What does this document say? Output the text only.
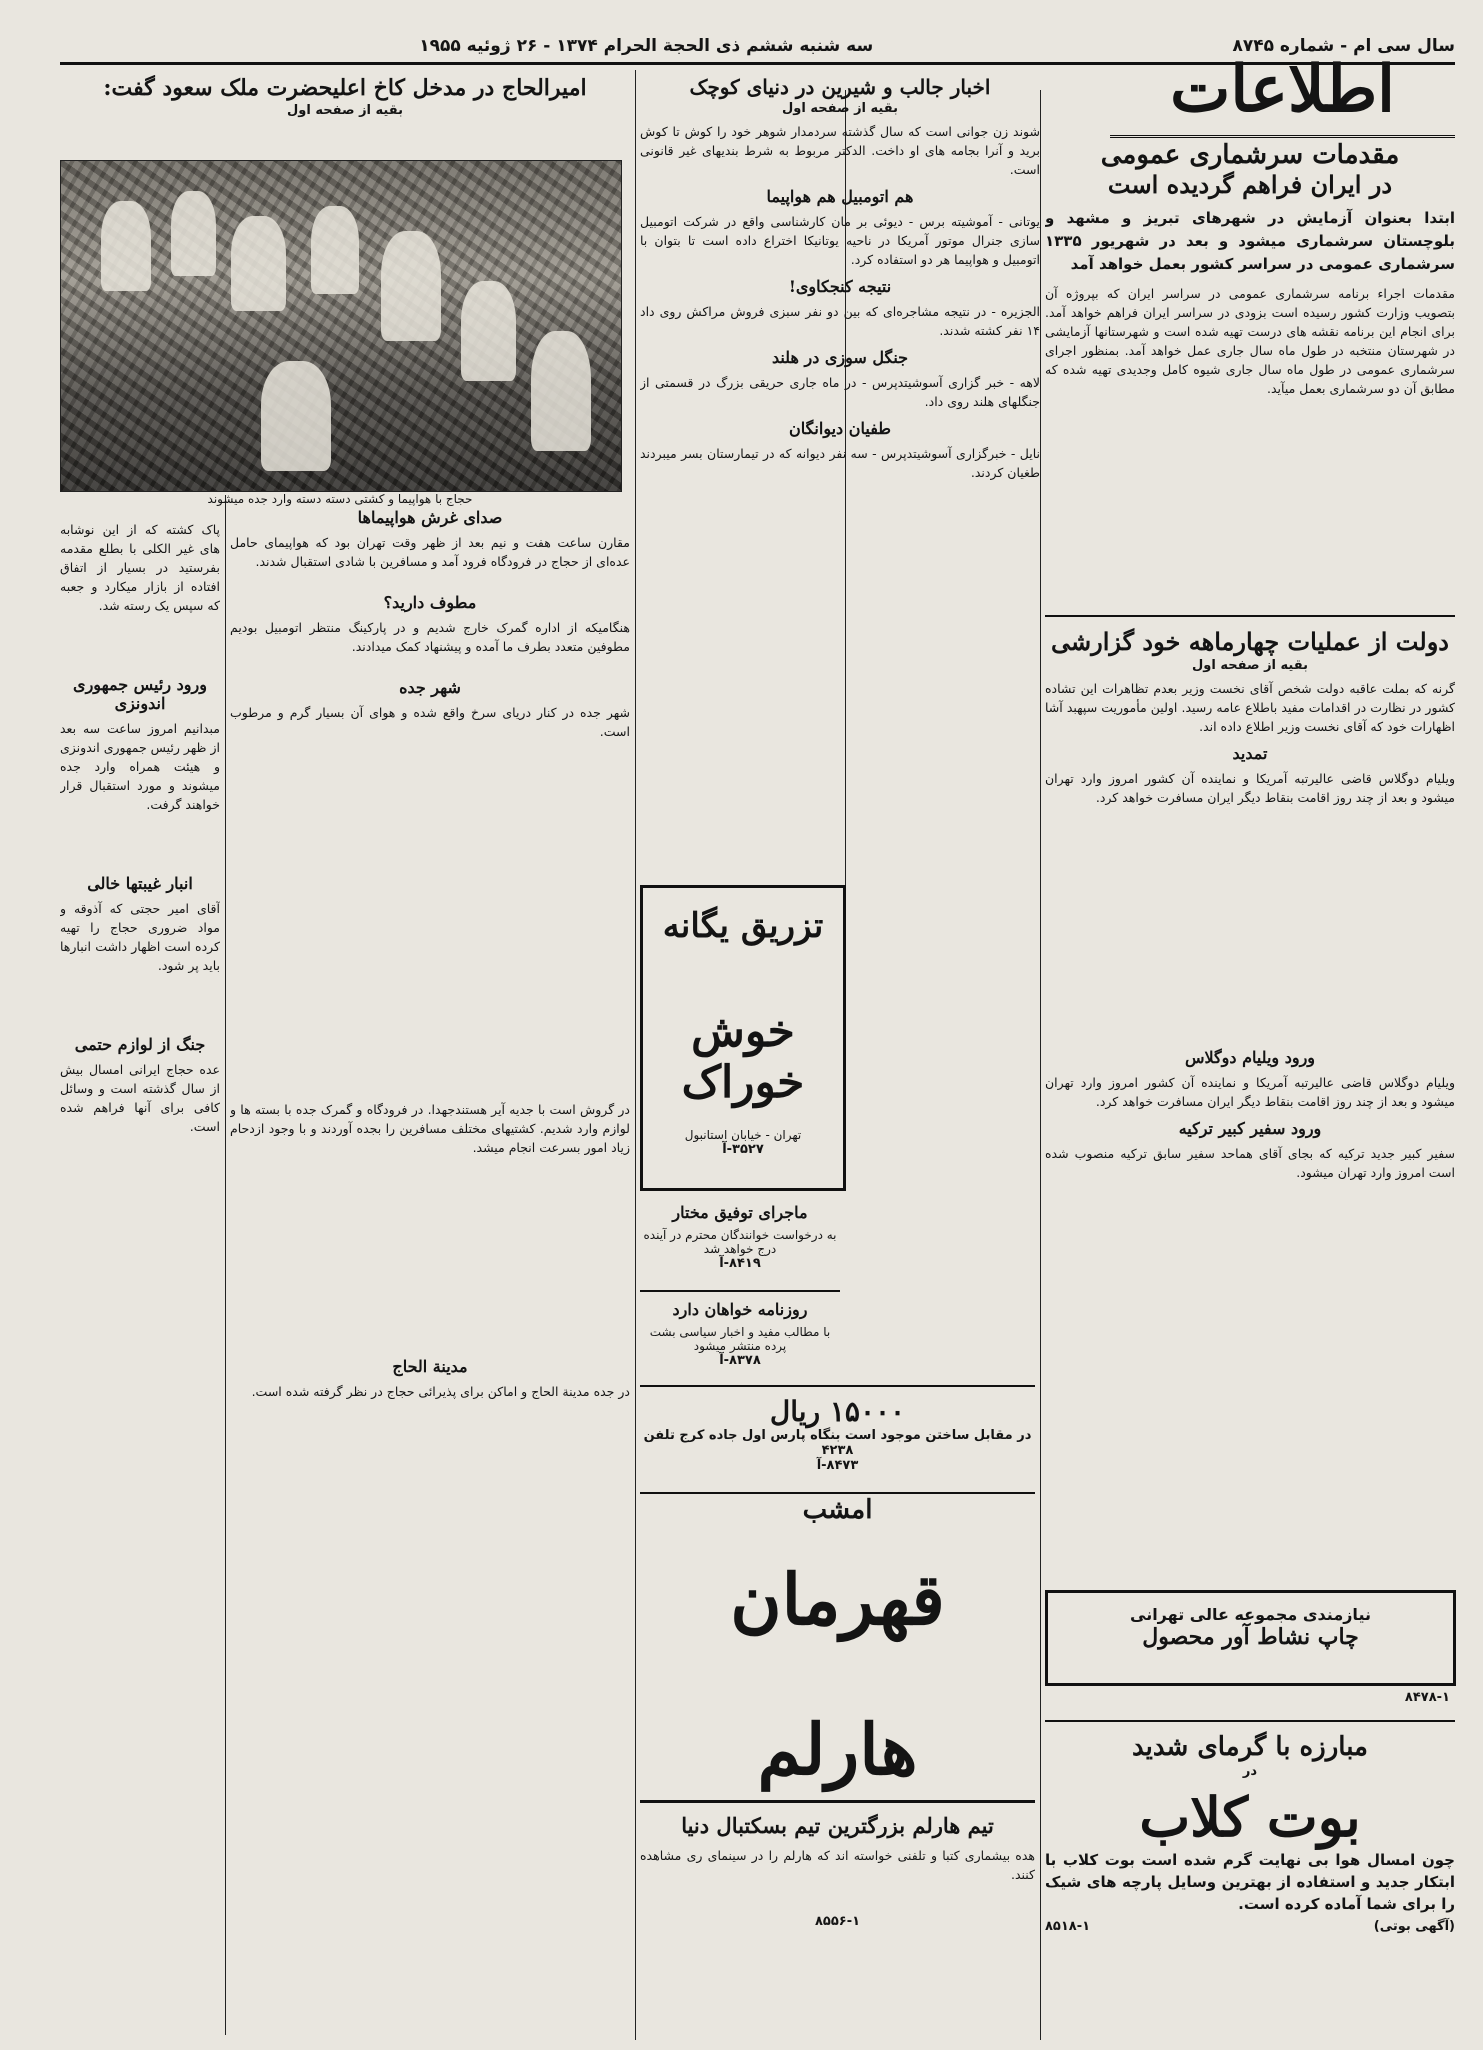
سال سی ام - شماره ۸۷۴۵
سه شنبه ششم ذی الحجة الحرام ۱۳۷۴ - ۲۶ ژوئیه ۱۹۵۵
اطلاعات
مقدمات سرشماری عمومی
در ایران فراهم گردیده است
ابتدا بعنوان آزمایش در شهرهای تبریز و مشهد و بلوچستان سرشماری میشود و بعد در شهریور ۱۳۳۵ سرشماری عمومی در سراسر کشور بعمل خواهد آمد
مقدمات اجراء برنامه سرشماری عمومی در سراسر ایران که بپروژه آن بتصویب وزارت کشور رسیده است بزودی در سراسر ایران فراهم خواهد آمد. برای انجام این برنامه نقشه های درست تهیه شده است و شهرستانها آزمایشی در شهرستان منتخبه در طول ماه سال جاری عمل خواهد آمد. بمنظور اجرای سرشماری عمومی در طول ماه سال جاری شیوه کامل وجدیدی تهیه شده که مطابق آن دو سرشماری بعمل میآید.
دولت از عملیات چهارماهه خود گزارشی
بقیه از صفحه اول
گرنه که بملت عاقبه دولت شخص آقای نخست وزیر بعدم تظاهرات این تشاده کشور در نظارت در اقدامات مفید باطلاع عامه رسید. اولین مأموریت سپهبد آشا اظهارات خود که آقای نخست وزیر اطلاع داده اند.
تمدید
ویلیام دوگلاس قاضی عالیرتبه آمریکا و نماینده آن کشور امروز وارد تهران میشود و بعد از چند روز اقامت بنقاط دیگر ایران مسافرت خواهد کرد.
ورود ویلیام دوگلاس
ویلیام دوگلاس قاضی عالیرتبه آمریکا و نماینده آن کشور امروز وارد تهران میشود و بعد از چند روز اقامت بنقاط دیگر ایران مسافرت خواهد کرد.
ورود سفیر کبیر ترکیه
سفیر کبیر جدید ترکیه که بجای آقای هماحد سفیر سابق ترکیه منصوب شده است امروز وارد تهران میشود.
نیازمندی مجموعه عالی تهرانی
چاپ نشاط آور محصول
۸۴۷۸-۱
مبارزه با گرمای شدید
در
بوت کلاب
چون امسال هوا بی نهایت گرم شده است بوت کلاب با ابتکار جدید و استفاده از بهترین وسایل پارچه های شیک را برای شما آماده کرده است.
(آگهی بوتی)
۸۵۱۸-۱
اخبار جالب و شیرین در دنیای کوچک
بقیه از صفحه اول
شوند زن جوانی است که سال گذشته سردمدار شوهر خود را کوش تا کوش برید و آنرا بجامه های او داخت. الدکتر مربوط به شرط بندیهای غیر قانونی است.
هم اتومبیل هم هواپیما
یوتانی - آموشیته برس - دیوئی بر مان کارشناسی واقع در شرکت اتومبیل سازی جنرال موتور آمریکا در ناحیه یوتانیکا اختراع داده است تا بتوان با اتومبیل و هواپیما هر دو استفاده کرد.
نتیجه کنجکاوی!
الجزیره - در نتیجه مشاجره‌ای که بین دو نفر سبزی فروش مراکش روی داد ۱۴ نفر کشته شدند.
جنگل سوزی در هلند
لاهه - خبر گزاری آسوشیتدپرس - در ماه جاری حریقی بزرگ در قسمتی از جنگلهای هلند روی داد.
طفیان دیوانگان
نایل - خبرگزاری آسوشیتدپرس - سه نفر دیوانه که در تیمارستان بسر میبردند طغیان کردند.
تزریق یگانه
خوش خوراک
تهران - خیابان استانبول
۳۵۲۷-آ
ماجرای توفیق مختار
به درخواست خوانندگان محترم در آینده درج خواهد شد
۸۴۱۹-آ
روزنامه خواهان دارد
با مطالب مفید و اخبار سیاسی بشت پرده منتشر میشود
۸۳۷۸-آ
۱۵۰۰۰ ریال
در مقابل ساختن موجود است بنگاه پارس اول جاده کرج تلفن ۴۲۳۸
۸۴۷۳-آ
امشب
قهرمان هارلم
تیم هارلم بزرگترین تیم بسکتبال دنیا
هده بیشماری کتبا و تلفنی خواسته اند که هارلم را در سینمای ری مشاهده کنند.
۸۵۵۶-۱
صدای غرش هواپیماها
مقارن ساعت هفت و نیم بعد از ظهر وقت تهران بود که هواپیمای حامل عده‌ای از حجاج در فرودگاه فرود آمد و مسافرین با شادی استقبال شدند.
مطوف دارید؟
هنگامیکه از اداره گمرک خارج شدیم و در پارکینگ منتظر اتومبیل بودیم مطوفین متعدد بطرف ما آمده و پیشنهاد کمک میدادند.
شهر جده
شهر جده در کنار دریای سرخ واقع شده و هوای آن بسیار گرم و مرطوب است.
امیرالحاج در مدخل کاخ اعلیحضرت ملک سعود گفت:
بقیه از صفحه اول
حجاج با هواپیما و کشتی دسته دسته وارد جده میشوند
پاک کشته که از این نوشابه های غیر الکلی با بطلع مقدمه بفرستید در بسیار از اتفاق افتاده از بازار میکارد و جعبه که سپس یک رسته شد.
ورود رئیس جمهوری اندونزی
مبدانیم امروز ساعت سه بعد از ظهر رئیس جمهوری اندونزی و هیئت همراه وارد جده میشوند و مورد استقبال قرار خواهند گرفت.
انبار غیبتها خالی
آقای امیر حجتی که آذوقه و مواد ضروری حجاج را تهیه کرده است اظهار داشت انبارها باید پر شود.
جنگ از لوازم حتمی
عده حجاج ایرانی امسال بیش از سال گذشته است و وسائل کافی برای آنها فراهم شده است.
در گروش است با جدیه آیر هستندجهدا. در فرودگاه و گمرک جده با بسته ها و لوازم وارد شدیم. کشتیهای مختلف مسافرین را بجده آوردند و با وجود ازدحام زیاد امور بسرعت انجام میشد.
مدینة الحاج
در جده مدینة الحاج و اماکن برای پذیرائی حجاج در نظر گرفته شده است.
